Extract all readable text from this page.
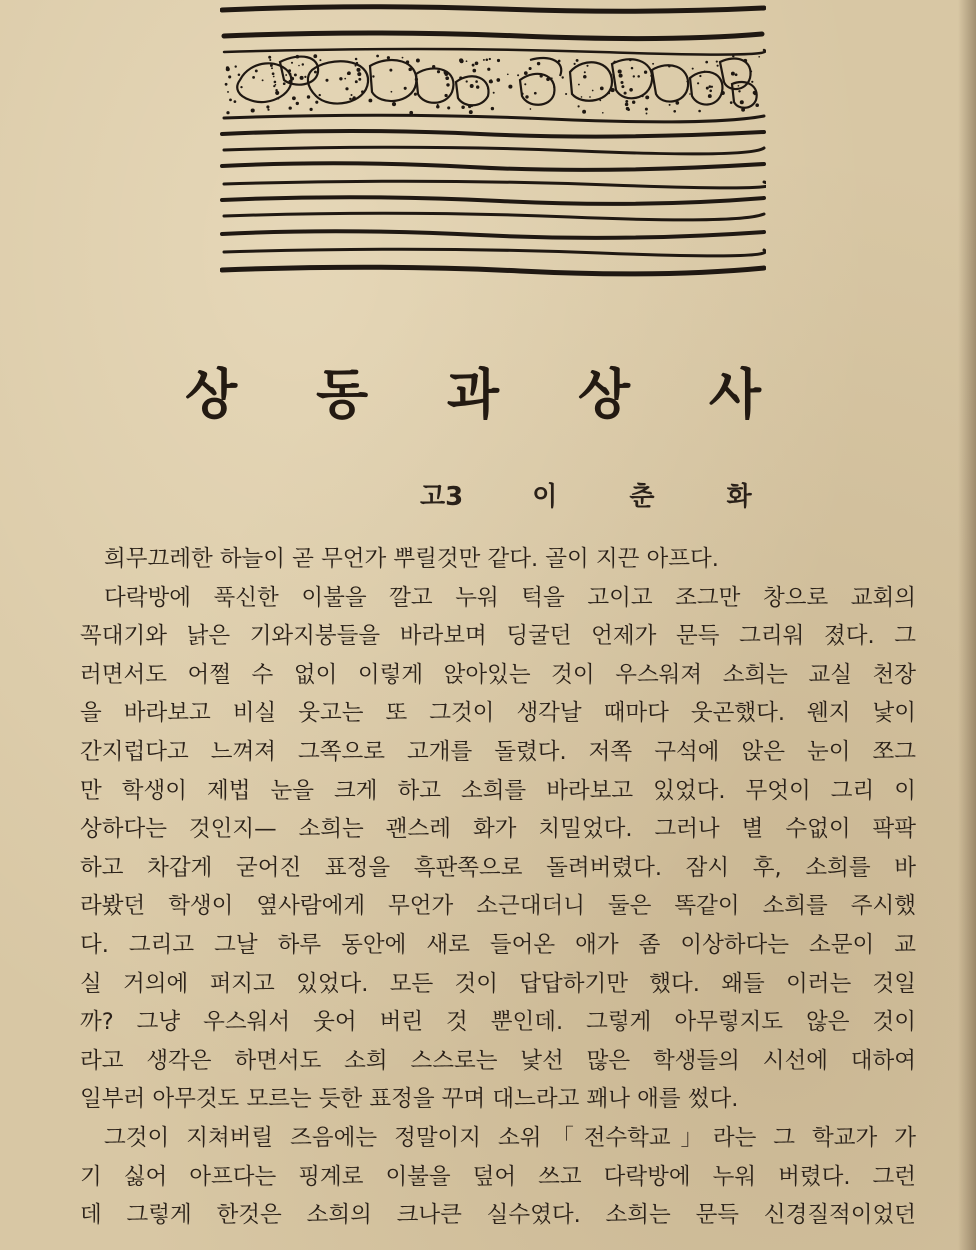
상 동 과 상 사
고3	이춘화
희무끄레한 하늘이 곧 무언가 뿌릴것만 같다. 골이 지끈 아프다.
다락방에 푹신한 이불을 깔고 누워 턱을 고이고 조그만 창으로 교회의
꼭대기와 낡은 기와지붕들을 바라보며 딩굴던 언제가 문득 그리워 졌다. 그
러면서도 어쩔 수 없이 이렇게 앉아있는 것이 우스워져 소희는 교실 천장
을 바라보고 비실 웃고는 또 그것이 생각날 때마다 웃곤했다. 웬지 낯이
간지럽다고 느껴져 그쪽으로 고개를 돌렸다. 저쪽 구석에 앉은 눈이 쪼그
만 학생이 제법 눈을 크게 하고 소희를 바라보고 있었다. 무엇이 그리 이
상하다는 것인지— 소희는 괜스레 화가 치밀었다. 그러나 별 수없이 팍팍
하고 차갑게 굳어진 표정을 흑판쪽으로 돌려버렸다. 잠시 후, 소희를 바
라봤던 학생이 옆사람에게 무언가 소근대더니 둘은 똑같이 소희를 주시했
다. 그리고 그날 하루 동안에 새로 들어온 애가 좀 이상하다는 소문이 교
실 거의에 퍼지고 있었다. 모든 것이 답답하기만 했다. 왜들 이러는 것일
까? 그냥 우스워서 웃어 버린 것 뿐인데. 그렇게 아무렇지도 않은 것이
라고 생각은 하면서도 소희 스스로는 낯선 많은 학생들의 시선에 대하여
일부러 아무것도 모르는 듯한 표정을 꾸며 대느라고 꽤나 애를 썼다.
그것이 지쳐버릴 즈음에는 정말이지 소위「전수학교」라는 그 학교가 가
기 싫어 아프다는 핑계로 이불을 덮어 쓰고 다락방에 누워 버렸다. 그런
데 그렇게 한것은 소희의 크나큰 실수였다. 소희는 문득 신경질적이었던
